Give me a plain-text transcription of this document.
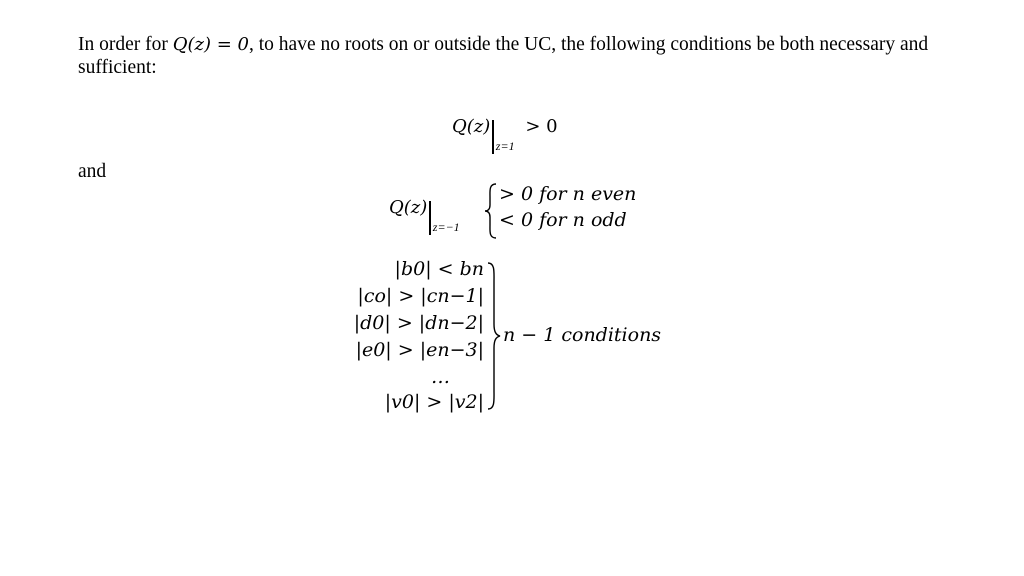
In order for Q(z) = 0, to have no roots on or outside the UC, the following conditions be both necessary and sufficient:
$Q(z)_{z=1} > 0$
and
$Q(z)_{z=-1}$
> 0 for n even
< 0 for n odd
|b0| < bn
|co| > |cn−1|
|d0| > |dn−2|
|e0| > |en−3|
…
|v0| > |v2|
n − 1 conditions
